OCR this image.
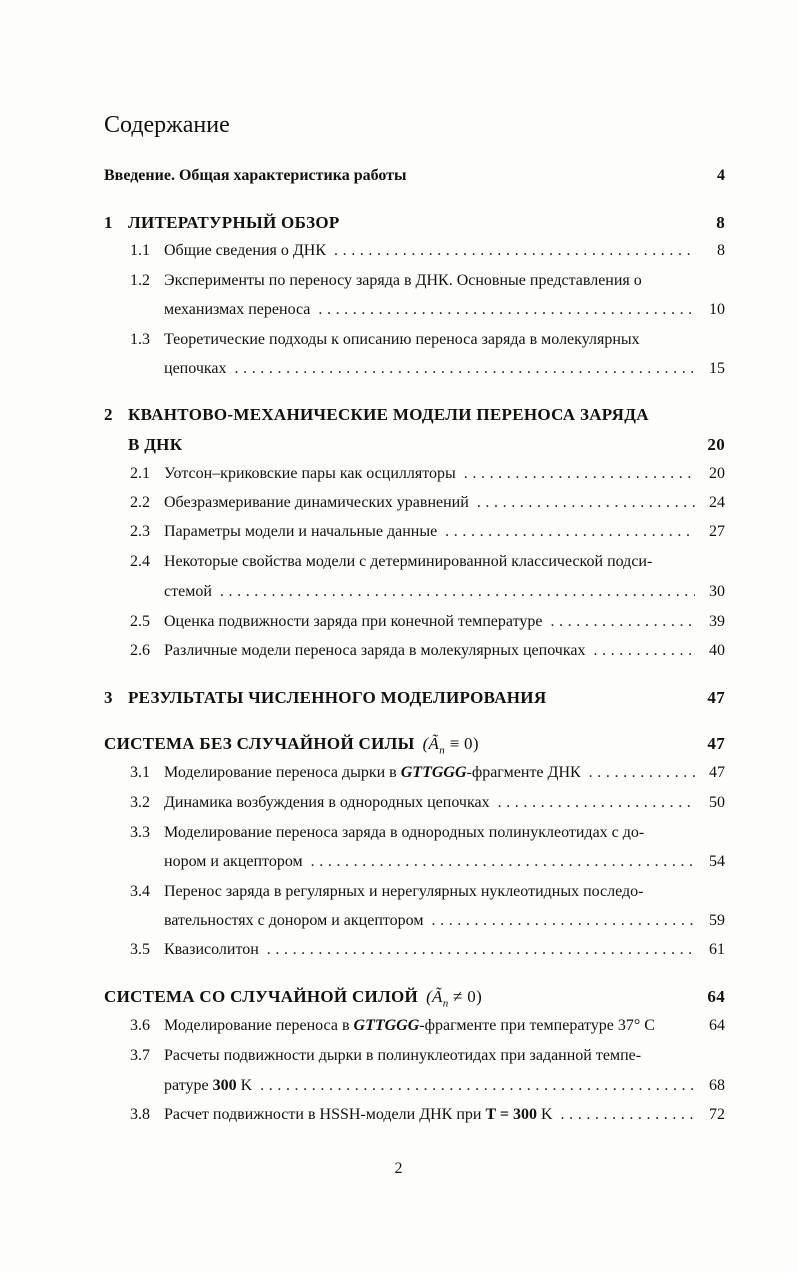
Содержание
Введение. Общая характеристика работы	4
1 ЛИТЕРАТУРНЫЙ ОБЗОР	8
1.1 Общие сведения о ДНК . . .	8
1.2 Эксперименты по переносу заряда в ДНК. Основные представления о
механизмах переноса . . .	10
1.3 Теоретические подходы к описанию переноса заряда в молекулярных
цепочках . . .	15
2 КВАНТОВО-МЕХАНИЧЕСКИЕ МОДЕЛИ ПЕРЕНОСА ЗАРЯДА
В ДНК	20
2.1 Уотсон–криковские пары как осцилляторы . . .	20
2.2 Обезразмеривание динамических уравнений . . .	24
2.3 Параметры модели и начальные данные . . .	27
2.4 Некоторые свойства модели с детерминированной классической подси-
стемой . . .	30
2.5 Оценка подвижности заряда при конечной температуре . . .	39
2.6 Различные модели переноса заряда в молекулярных цепочках . . .	40
3 РЕЗУЛЬТАТЫ ЧИСЛЕННОГО МОДЕЛИРОВАНИЯ	47
СИСТЕМА БЕЗ СЛУЧАЙНОЙ СИЛЫ $(Ã_n \equiv 0)$	47
3.1 Моделирование переноса дырки в GTTGGG-фрагменте ДНК . . .	47
3.2 Динамика возбуждения в однородных цепочках . . .	50
3.3 Моделирование переноса заряда в однородных полинуклеотидах с до-
нором и акцептором . . .	54
3.4 Перенос заряда в регулярных и нерегулярных нуклеотидных последо-
вательностях с донором и акцептором . . .	59
3.5 Квазисолитон . . .	61
СИСТЕМА СО СЛУЧАЙНОЙ СИЛОЙ $(Ã_n \ne 0)$	64
3.6 Моделирование переноса в GTTGGG-фрагменте при температуре 37° C	64
3.7 Расчеты подвижности дырки в полинуклеотидах при заданной темпе-
ратуре 300 K . . .	68
3.8 Расчет подвижности в HSSH-модели ДНК при T = 300 K . . .	72
2
